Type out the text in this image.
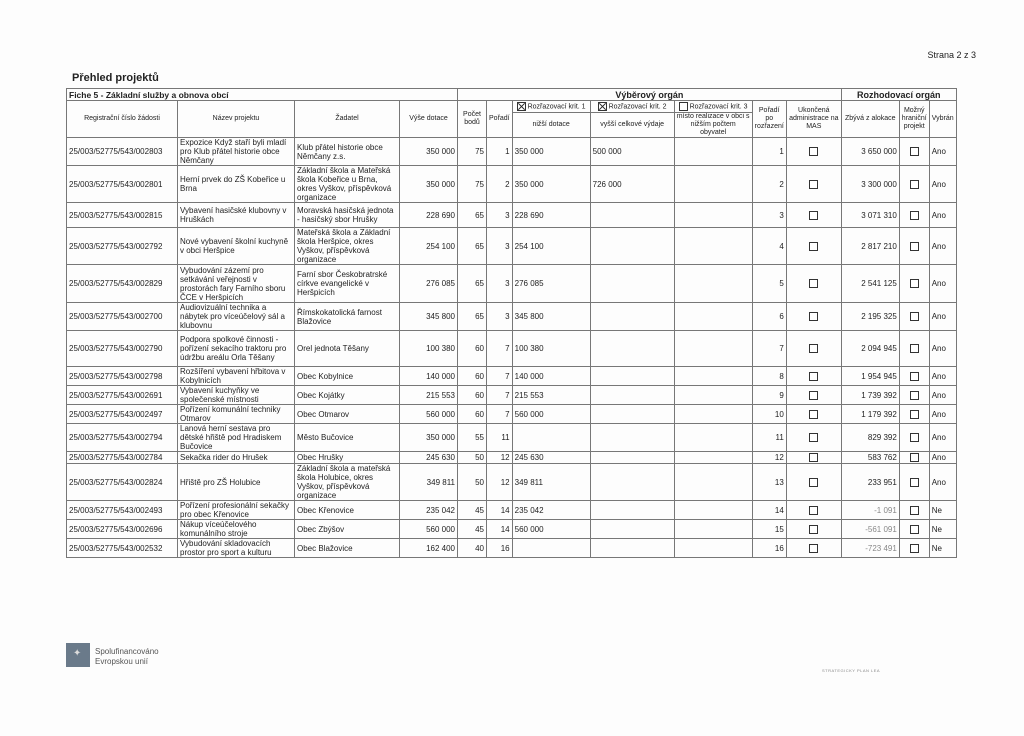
Strana 2 z 3
Přehled projektů
Fiche 5 - Základní služby a obnova obcí				Výběrový orgán							Rozhodovací orgán		
Registrační číslo žádosti	Název projektu	Žadatel	Výše dotace	Počet bodů	Pořadí	Rozřazovací krit. 1	Rozřazovací krit. 2	Rozřazovací krit. 3	Pořadí po rozřazení	Ukončená administrace na MAS	Zbývá z alokace	Možný hraniční projekt	Vybrán
						nižší dotace	vyšší celkové výdaje	místo realizace v obci s nižším počtem obyvatel					
25/003/52775/543/002803	Expozice Když staří byli mladí pro Klub přátel historie obce Němčany	Klub přátel historie obce Němčany z.s.	350 000	75	1	350 000	500 000		1		3 650 000		Ano
25/003/52775/543/002801	Herní prvek do ZŠ Kobeřice u Brna	Základní škola a Mateřská škola Kobeřice u Brna, okres Vyškov, příspěvková organizace	350 000	75	2	350 000	726 000		2		3 300 000		Ano
25/003/52775/543/002815	Vybavení hasičské klubovny v Hruškách	Moravská hasičská jednota - hasičský sbor Hrušky	228 690	65	3	228 690			3		3 071 310		Ano
25/003/52775/543/002792	Nové vybavení školní kuchyně v obci Heršpice	Mateřská škola a Základní škola Heršpice, okres Vyškov, příspěvková organizace	254 100	65	3	254 100			4		2 817 210		Ano
25/003/52775/543/002829	Vybudování zázemí pro setkávání veřejnosti v prostorách fary Farního sboru ČCE v Heršpicích	Farní sbor Českobratrské církve evangelické v Heršpicích	276 085	65	3	276 085			5		2 541 125		Ano
25/003/52775/543/002700	Audiovizuální technika a nábytek pro víceúčelový sál a klubovnu	Římskokatolická farnost Blažovice	345 800	65	3	345 800			6		2 195 325		Ano
25/003/52775/543/002790	Podpora spolkové činnosti - pořízení sekacího traktoru pro údržbu areálu Orla Těšany	Orel jednota Těšany	100 380	60	7	100 380			7		2 094 945		Ano
25/003/52775/543/002798	Rozšíření vybavení hřbitova v Kobylnicích	Obec Kobylnice	140 000	60	7	140 000			8		1 954 945		Ano
25/003/52775/543/002691	Vybavení kuchyňky ve společenské místnosti	Obec Kojátky	215 553	60	7	215 553			9		1 739 392		Ano
25/003/52775/543/002497	Pořízení komunální techniky Otmarov	Obec Otmarov	560 000	60	7	560 000			10		1 179 392		Ano
25/003/52775/543/002794	Lanová herní sestava pro dětské hřiště pod Hradiskem Bučovice	Město Bučovice	350 000	55	11				11		829 392		Ano
25/003/52775/543/002784	Sekačka rider do Hrušek	Obec Hrušky	245 630	50	12	245 630			12		583 762		Ano
25/003/52775/543/002824	Hřiště pro ZŠ Holubice	Základní škola a mateřská škola Holubice, okres Vyškov, příspěvková organizace	349 811	50	12	349 811			13		233 951		Ano
25/003/52775/543/002493	Pořízení profesionální sekačky pro obec Křenovice	Obec Křenovice	235 042	45	14	235 042			14		-1 091		Ne
25/003/52775/543/002696	Nákup víceúčelového komunálního stroje	Obec Zbýšov	560 000	45	14	560 000			15		-561 091		Ne
25/003/52775/543/002532	Vybudování skladovacích prostor pro sport a kulturu	Obec Blažovice	162 400	40	16				16		-723 491		Ne
✦
Spolufinancováno
Evropskou unií
STRATEGICKY PLAN LEA
